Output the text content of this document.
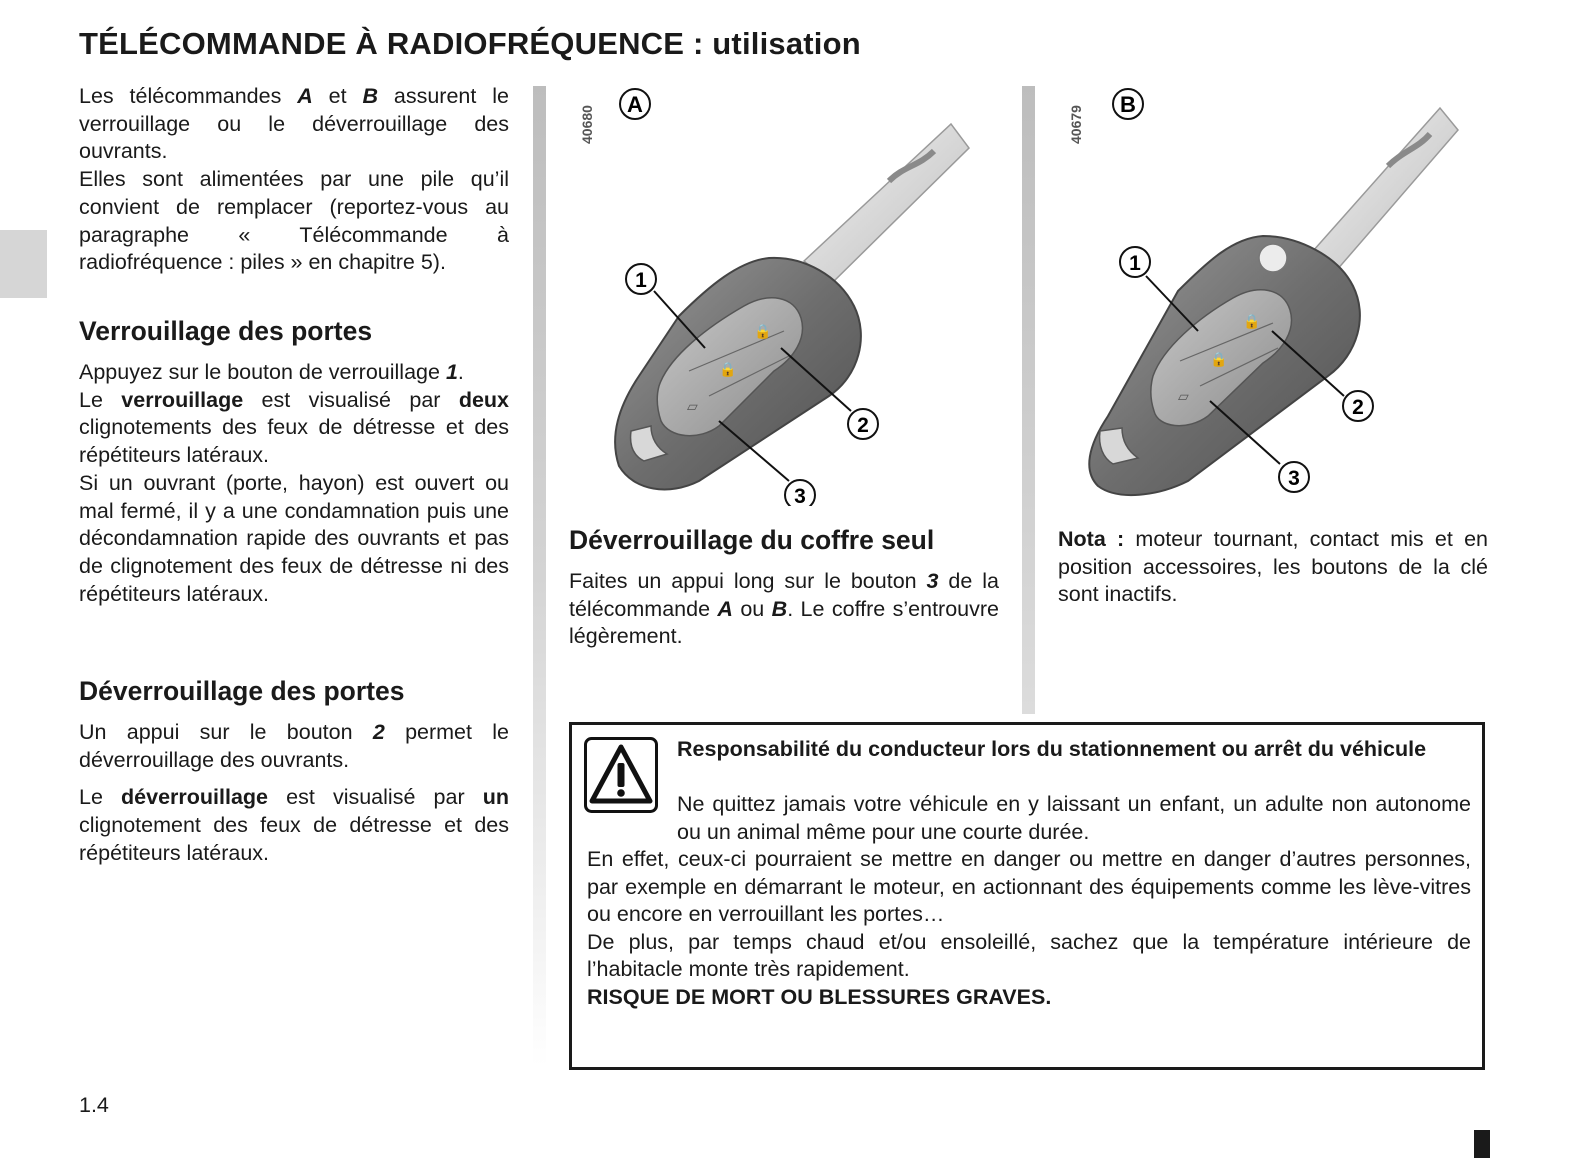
TÉLÉCOMMANDE À RADIOFRÉQUENCE : utilisation

Les télécommandes A et B assurent le verrouillage ou le déverrouillage des ouvrants.

Elles sont alimentées par une pile qu’il convient de remplacer (reportez-vous au paragraphe « Télécommande à radiofréquence : piles » en chapitre 5).

Verrouillage des portes

Appuyez sur le bouton de verrouillage 1.
Le verrouillage est visualisé par deux clignotements des feux de détresse et des répétiteurs latéraux.

Si un ouvrant (porte, hayon) est ouvert ou mal fermé, il y a une condamnation puis une décondamnation rapide des ouvrants et pas de clignotement des feux de détresse ni des répétiteurs latéraux.

Déverrouillage des portes

Un appui sur le bouton 2 permet le déverrouillage des ouvrants.

Le déverrouillage est visualisé par un clignotement des feux de détresse et des répétiteurs latéraux.

40680
🔒
🔒
▱
A
1
2
3
40679
🔒
🔒
▱
B
1
2
3
Déverrouillage du coffre seul
Faites un appui long sur le bouton 3 de la télécommande A ou B. Le coffre s’entrouvre légèrement.
Nota : moteur tournant, contact mis et en position accessoires, les boutons de la clé sont inactifs.
Responsabilité du conducteur lors du stationnement ou arrêt du véhicule
Ne quittez jamais votre véhicule en y laissant un enfant, un adulte non autonome ou un animal même pour une courte durée.

En effet, ceux-ci pourraient se mettre en danger ou mettre en danger d’autres personnes, par exemple en démarrant le moteur, en actionnant des équipements comme les lève-vitres ou encore en verrouillant les portes…

De plus, par temps chaud et/ou ensoleillé, sachez que la température intérieure de l’habitacle monte très rapidement.

RISQUE DE MORT OU BLESSURES GRAVES.

1.4
